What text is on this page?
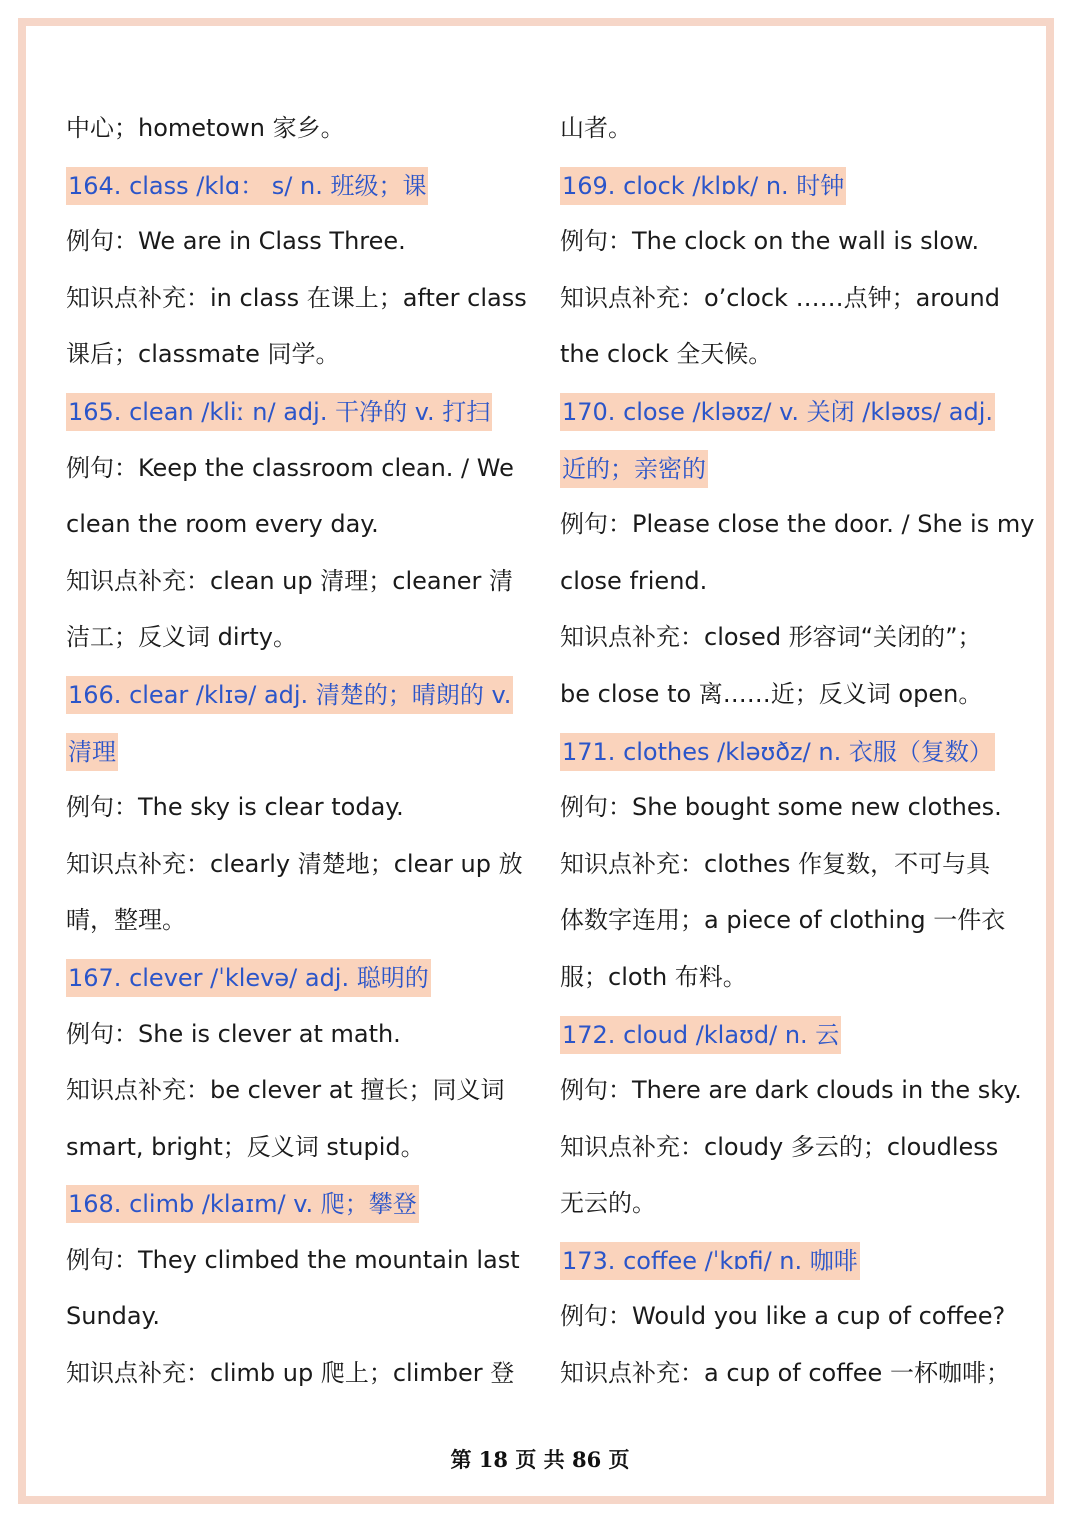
中心；hometown 家乡。
164. class /klɑ： s/ n. 班级；课
例句：We are in Class Three.
知识点补充：in class 在课上；after class
课后；classmate 同学。
165. clean /kliː n/ adj. 干净的 v. 打扫
例句：Keep the classroom clean. / We
clean the room every day.
知识点补充：clean up 清理；cleaner 清
洁工；反义词 dirty。
166. clear /klɪə/ adj. 清楚的；晴朗的 v.
清理
例句：The sky is clear today.
知识点补充：clearly 清楚地；clear up 放
晴，整理。
167. clever /ˈklevə/ adj. 聪明的
例句：She is clever at math.
知识点补充：be clever at 擅长；同义词
smart, bright；反义词 stupid。
168. climb /klaɪm/ v. 爬；攀登
例句：They climbed the mountain last
Sunday.
知识点补充：climb up 爬上；climber 登
山者。
169. clock /klɒk/ n. 时钟
例句：The clock on the wall is slow.
知识点补充：o’clock ……点钟；around
the clock 全天候。
170. close /kləʊz/ v. 关闭 /kləʊs/ adj.
近的；亲密的
例句：Please close the door. / She is my
close friend.
知识点补充：closed 形容词“关闭的”；
be close to 离……近；反义词 open。
171. clothes /kləʊðz/ n. 衣服（复数）
例句：She bought some new clothes.
知识点补充：clothes 作复数，不可与具
体数字连用；a piece of clothing 一件衣
服；cloth 布料。
172. cloud /klaʊd/ n. 云
例句：There are dark clouds in the sky.
知识点补充：cloudy 多云的；cloudless
无云的。
173. coffee /ˈkɒfi/ n. 咖啡
例句：Would you like a cup of coffee?
知识点补充：a cup of coffee 一杯咖啡；
第 18 页 共 86 页
